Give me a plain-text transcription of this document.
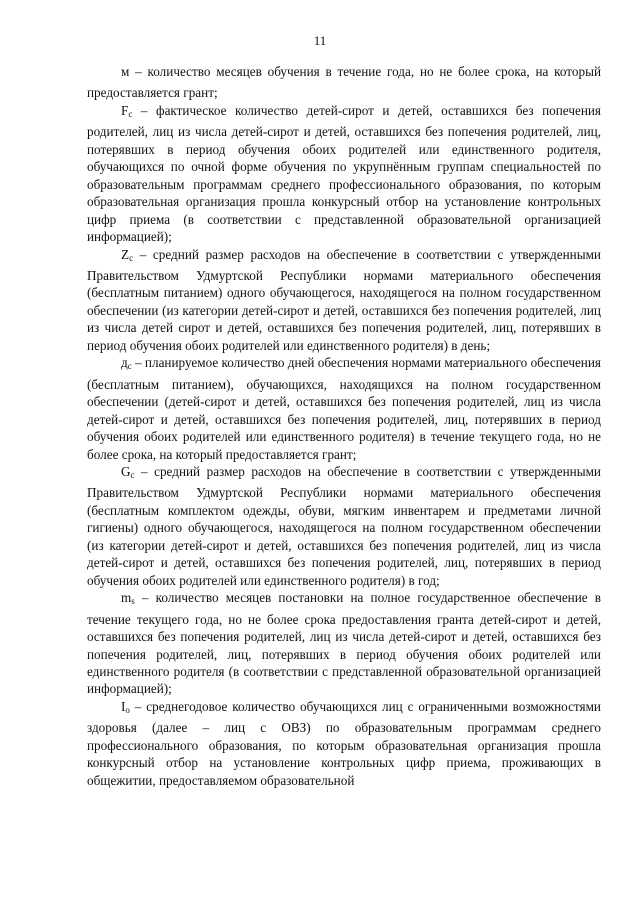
11

м – количество месяцев обучения в течение года, но не более срока, на который предоставляется грант;

$F_c$ – фактическое количество детей-сирот и детей, оставшихся без попечения родителей, лиц из числа детей-сирот и детей, оставшихся без попечения родителей, лиц, потерявших в период обучения обоих родителей или единственного родителя, обучающихся по очной форме обучения по укрупнённым группам специальностей по образовательным программам среднего профессионального образования, по которым образовательная организация прошла конкурсный отбор на установление контрольных цифр приема (в соответствии с представленной образовательной организацией информацией);

$Z_c$ – средний размер расходов на обеспечение в соответствии с утвержденными Правительством Удмуртской Республики нормами материального обеспечения (бесплатным питанием) одного обучающегося, находящегося на полном государственном обеспечении (из категории детей-сирот и детей, оставшихся без попечения родителей, лиц из числа детей сирот и детей, оставшихся без попечения родителей, лиц, потерявших в период обучения обоих родителей или единственного родителя) в день;

$д_c$ – планируемое количество дней обеспечения нормами материального обеспечения (бесплатным питанием), обучающихся, находящихся на полном государственном обеспечении (детей-сирот и детей, оставшихся без попечения родителей, лиц из числа детей-сирот и детей, оставшихся без попечения родителей, лиц, потерявших в период обучения обоих родителей или единственного родителя) в течение текущего года, но не более срока, на который предоставляется грант;

$G_c$ – средний размер расходов на обеспечение в соответствии с утвержденными Правительством Удмуртской Республики нормами материального обеспечения (бесплатным комплектом одежды, обуви, мягким инвентарем и предметами личной гигиены) одного обучающегося, находящегося на полном государственном обеспечении (из категории детей-сирот и детей, оставшихся без попечения родителей, лиц из числа детей-сирот и детей, оставшихся без попечения родителей, лиц, потерявших в период обучения обоих родителей или единственного родителя) в год;

$m_s$ – количество месяцев постановки на полное государственное обеспечение в течение текущего года, но не более срока предоставления гранта детей-сирот и детей, оставшихся без попечения родителей, лиц из числа детей-сирот и детей, оставшихся без попечения родителей, лиц, потерявших в период обучения обоих родителей или единственного родителя (в соответствии с представленной образовательной организацией информацией);

$I_o$ – среднегодовое количество обучающихся лиц с ограниченными возможностями здоровья (далее – лиц с ОВЗ) по образовательным программам среднего профессионального образования, по которым образовательная организация прошла конкурсный отбор на установление контрольных цифр приема, проживающих в общежитии, предоставляемом образовательной
